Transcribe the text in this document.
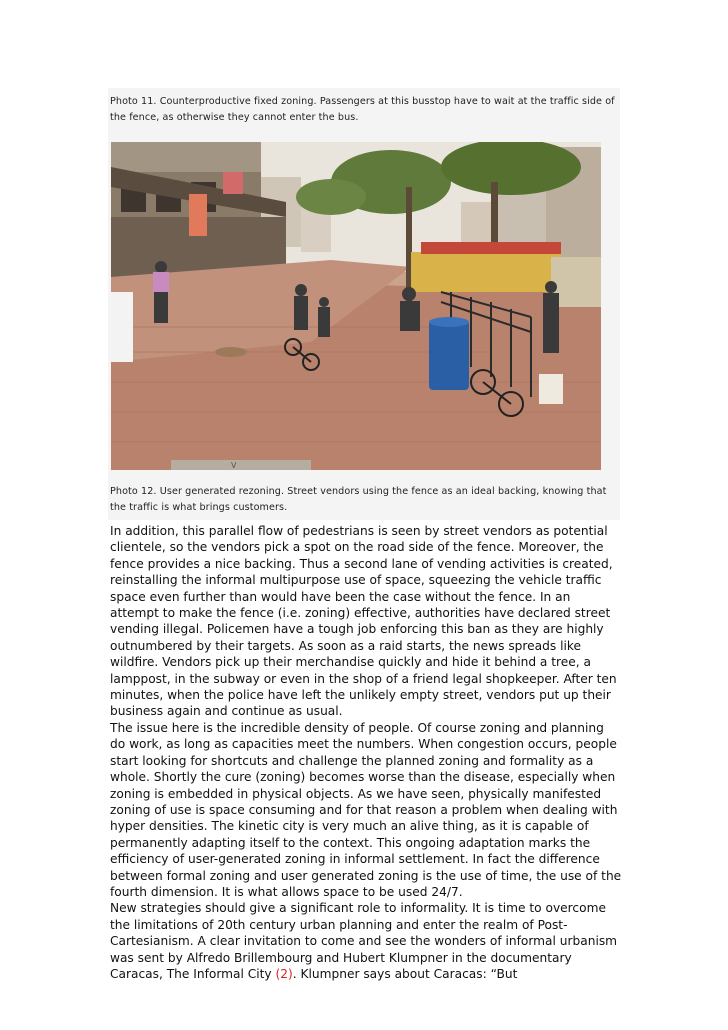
Photo 11. Counterproductive fixed zoning. Passengers at this busstop have to wait at the traffic side of the fence, as otherwise they cannot enter the bus.
V
Photo 12. User generated rezoning. Street vendors using the fence as an ideal backing, knowing that the traffic is what brings customers.

In addition, this parallel flow of pedestrians is seen by street vendors as potential clientele, so the vendors pick a spot on the road side of the fence. Moreover, the fence provides a nice backing. Thus a second lane of vending activities is created, reinstalling the informal multipurpose use of space, squeezing the vehicle traffic space even further than would have been the case without the fence. In an attempt to make the fence (i.e. zoning) effective, authorities have declared street vending illegal. Policemen have a tough job enforcing this ban as they are highly outnumbered by their targets. As soon as a raid starts, the news spreads like wildfire. Vendors pick up their merchandise quickly and hide it behind a tree, a lamppost, in the subway or even in the shop of a friend legal shopkeeper. After ten minutes, when the police have left the unlikely empty street, vendors put up their business again and continue as usual.

The issue here is the incredible density of people. Of course zoning and planning do work, as long as capacities meet the numbers. When congestion occurs, people start looking for shortcuts and challenge the planned zoning and formality as a whole. Shortly the cure (zoning) becomes worse than the disease, especially when zoning is embedded in physical objects. As we have seen, physically manifested zoning of use is space consuming and for that reason a problem when dealing with hyper densities. The kinetic city is very much an alive thing, as it is capable of permanently adapting itself to the context. This ongoing adaptation marks the efficiency of user-generated zoning in informal settlement. In fact the difference between formal zoning and user generated zoning is the use of time, the use of the fourth dimension. It is what allows space to be used 24/7.

New strategies should give a significant role to informality. It is time to overcome the limitations of 20th century urban planning and enter the realm of Post-Cartesianism. A clear invitation to come and see the wonders of informal urbanism was sent by Alfredo Brillembourg and Hubert Klumpner in the documentary Caracas, The Informal City (2). Klumpner says about Caracas: “But
